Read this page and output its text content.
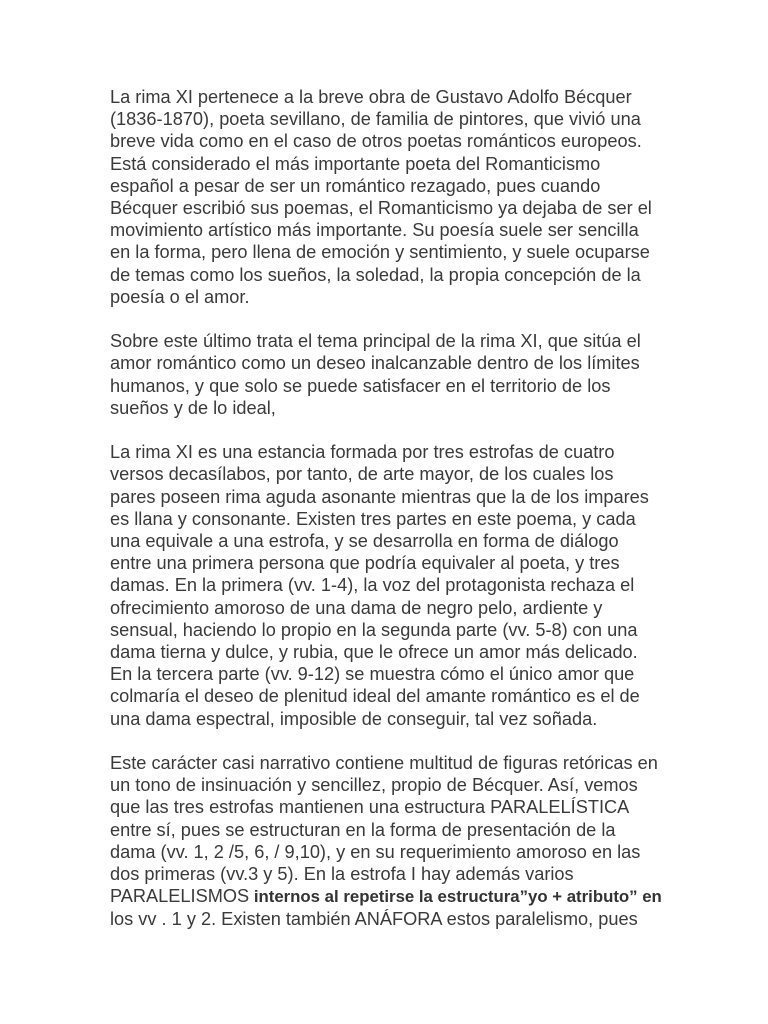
La rima XI pertenece a la breve obra de Gustavo Adolfo Bécquer
(1836-1870), poeta sevillano, de familia de pintores, que vivió una
breve vida como en el caso de otros poetas románticos europeos.
Está considerado el más importante poeta del Romanticismo
español a pesar de ser un romántico rezagado, pues cuando
Bécquer escribió sus poemas, el Romanticismo ya dejaba de ser el
movimiento artístico más importante. Su poesía suele ser sencilla
en la forma, pero llena de emoción y sentimiento, y suele ocuparse
de temas como los sueños, la soledad, la propia concepción de la
poesía o el amor.

Sobre este último trata el tema principal de la rima XI, que sitúa el
amor romántico como un deseo inalcanzable dentro de los límites
humanos, y que solo se puede satisfacer en el territorio de los
sueños y de lo ideal,

La rima XI es una estancia formada por tres estrofas de cuatro
versos decasílabos, por tanto, de arte mayor, de los cuales los
pares poseen rima aguda asonante mientras que la de los impares
es llana y consonante. Existen tres partes en este poema, y cada
una equivale a una estrofa, y se desarrolla en forma de diálogo
entre una primera persona que podría equivaler al poeta, y tres
damas. En la primera (vv. 1-4), la voz del protagonista rechaza el
ofrecimiento amoroso de una dama de negro pelo, ardiente y
sensual, haciendo lo propio en la segunda parte (vv. 5-8) con una
dama tierna y dulce, y rubia, que le ofrece un amor más delicado.
En la tercera parte (vv. 9-12) se muestra cómo el único amor que
colmaría el deseo de plenitud ideal del amante romántico es el de
una dama espectral, imposible de conseguir, tal vez soñada.

Este carácter casi narrativo contiene multitud de figuras retóricas en
un tono de insinuación y sencillez, propio de Bécquer. Así, vemos
que las tres estrofas mantienen una estructura PARALELÍSTICA
entre sí, pues se estructuran en la forma de presentación de la
dama (vv. 1, 2 /5, 6, / 9,10), y en su requerimiento amoroso en las
dos primeras (vv.3 y 5). En la estrofa I hay además varios
PARALELISMOS internos al repetirse la estructura”yo + atributo” en
los vv . 1 y 2. Existen también ANÁFORA estos paralelismo, pues
